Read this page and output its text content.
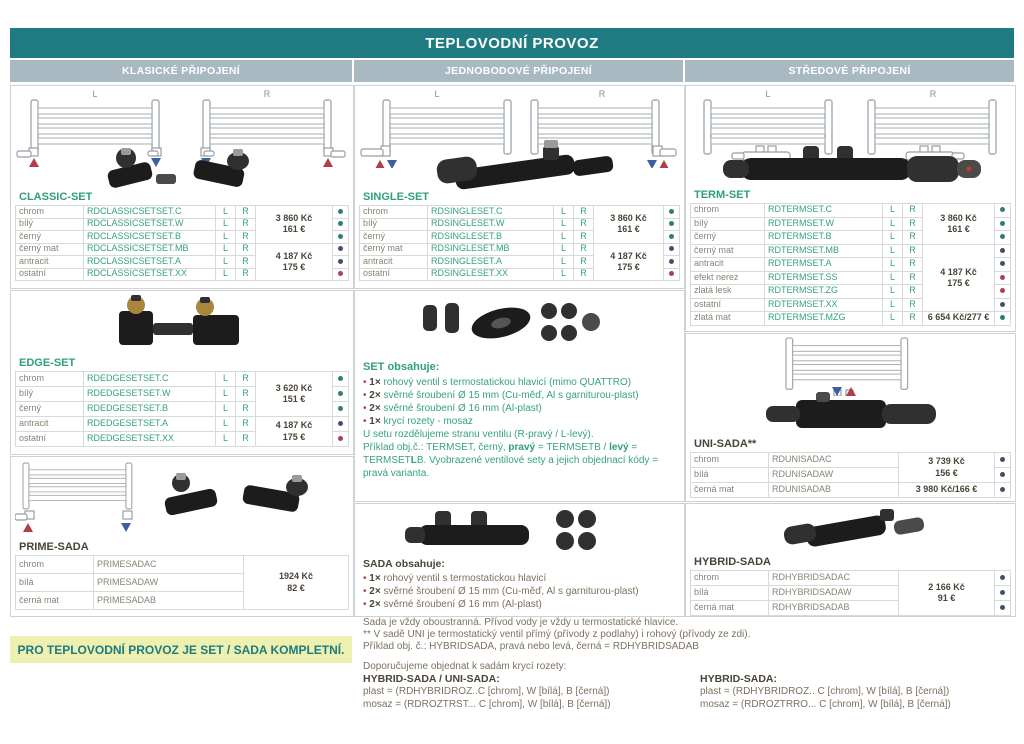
TEPLOVODNÍ PROVOZ
KLASICKÉ PŘIPOJENÍ	JEDNOBODOVÉ PŘIPOJENÍ	STŘEDOVÉ PŘIPOJENÍ
L	R
CLASSIC-SET
chrom	RDCLASSICSETSET.C	L	R	3 860 Kč
161 €	

bílý	RDCLASSICSETSET.W	L	R		
černý	RDCLASSICSETSET.B	L	R		
černý mat	RDCLASSICSETSET.MB	L	R	4 187 Kč
175 €	

antracit	RDCLASSICSETSET.A	L	R		
ostatní	RDCLASSICSETSET.XX	L	R		
EDGE-SET
chrom	RDEDGESETSET.C	L	R	3 620 Kč
151 €	

bílý	RDEDGESETSET.W	L	R		
černý	RDEDGESETSET.B	L	R		
antracit	RDEDGESETSET.A	L	R	4 187 Kč
175 €	

ostatní	RDEDGESETSET.XX	L	R		
PRIME-SADA
chrom	PRIMESADAC	1924 Kč
82 €

bílá	PRIMESADAW	
černá mat	PRIMESADAB	
PRO TEPLOVODNÍ PROVOZ JE SET / SADA KOMPLETNÍ.
L	R
SINGLE-SET
chrom	RDSINGLESET.C	L	R	3 860 Kč
161 €	

bílý	RDSINGLESET.W	L	R		
černý	RDSINGLESET.B	L	R		
černý mat	RDSINGLESET.MB	L	R	4 187 Kč
175 €	

antracit	RDSINGLESET.A	L	R		
ostatní	RDSINGLESET.XX	L	R		
SET obsahuje:
• 1× rohový ventil s termostatickou hlavicí (mimo QUATTRO)
• 2× svěrné šroubení Ø 15 mm (Cu-měď, Al s garniturou-plast)
• 2× svěrné šroubení Ø 16 mm (Al-plast)
• 1× krycí rozety - mosaz
U setu rozdělujeme stranu ventilu (R-pravý / L-levý).
Příklad obj.č.: TERMSET, černý, pravý = TERMSETB / levý = TERMSETLB. Vyobrazené ventilové sety a jejich objednací kódy = pravá varianta.
SADA obsahuje:
• 1× rohový ventil s termostatickou hlavicí
• 2× svěrné šroubení Ø 15 mm (Cu-měď, Al s garniturou-plast)
• 2× svěrné šroubení Ø 16 mm (Al-plast)
L	R
TERM-SET
chrom	RDTERMSET.C	L	R	3 860 Kč
161 €	

bílý	RDTERMSET.W	L	R		
černý	RDTERMSET.B	L	R		
černý mat	RDTERMSET.MB	L	R	4 187 Kč
175 €	

antracit	RDTERMSET.A	L	R		
efekt nerez	RDTERMSET.SS	L	R		
zlatá lesk	RDTERMSET.ZG	L	R		
ostatní	RDTERMSET.XX	L	R		
zlatá mat	RDTERMSET.MZG	L	R	6 654 Kč/277 €	
UNI-SADA**
chrom	RDUNISADAC	3 739 Kč
156 €	

bílá	RDUNISADAW		
černá mat	RDUNISADAB	3 980 Kč/166 €	
HYBRID-SADA
chrom	RDHYBRIDSADAC	2 166 Kč
91 €	

bílá	RDHYBRIDSADAW		
černá mat	RDHYBRIDSADAB		
Sada je vždy oboustranná. Přívod vody je vždy u termostatické hlavice.
** V sadě UNI je termostatický ventil přímý (přívody z podlahy) i rohový (přívody ze zdi).
Příklad obj. č.: HYBRIDSADA, pravá nebo levá, černá = RDHYBRIDSADAB
Doporučujeme objednat k sadám krycí rozety:
HYBRID-SADA / UNI-SADA:
plast = (RDHYBRIDROZ..C [chrom], W [bílá], B [černá])
mosaz = (RDROZTRST... C [chrom], W [bílá], B [černá])
HYBRID-SADA:
plast = (RDHYBRIDROZ.. C [chrom], W [bílá], B [černá])
mosaz = (RDROZTRRO... C [chrom], W [bílá], B [černá])
